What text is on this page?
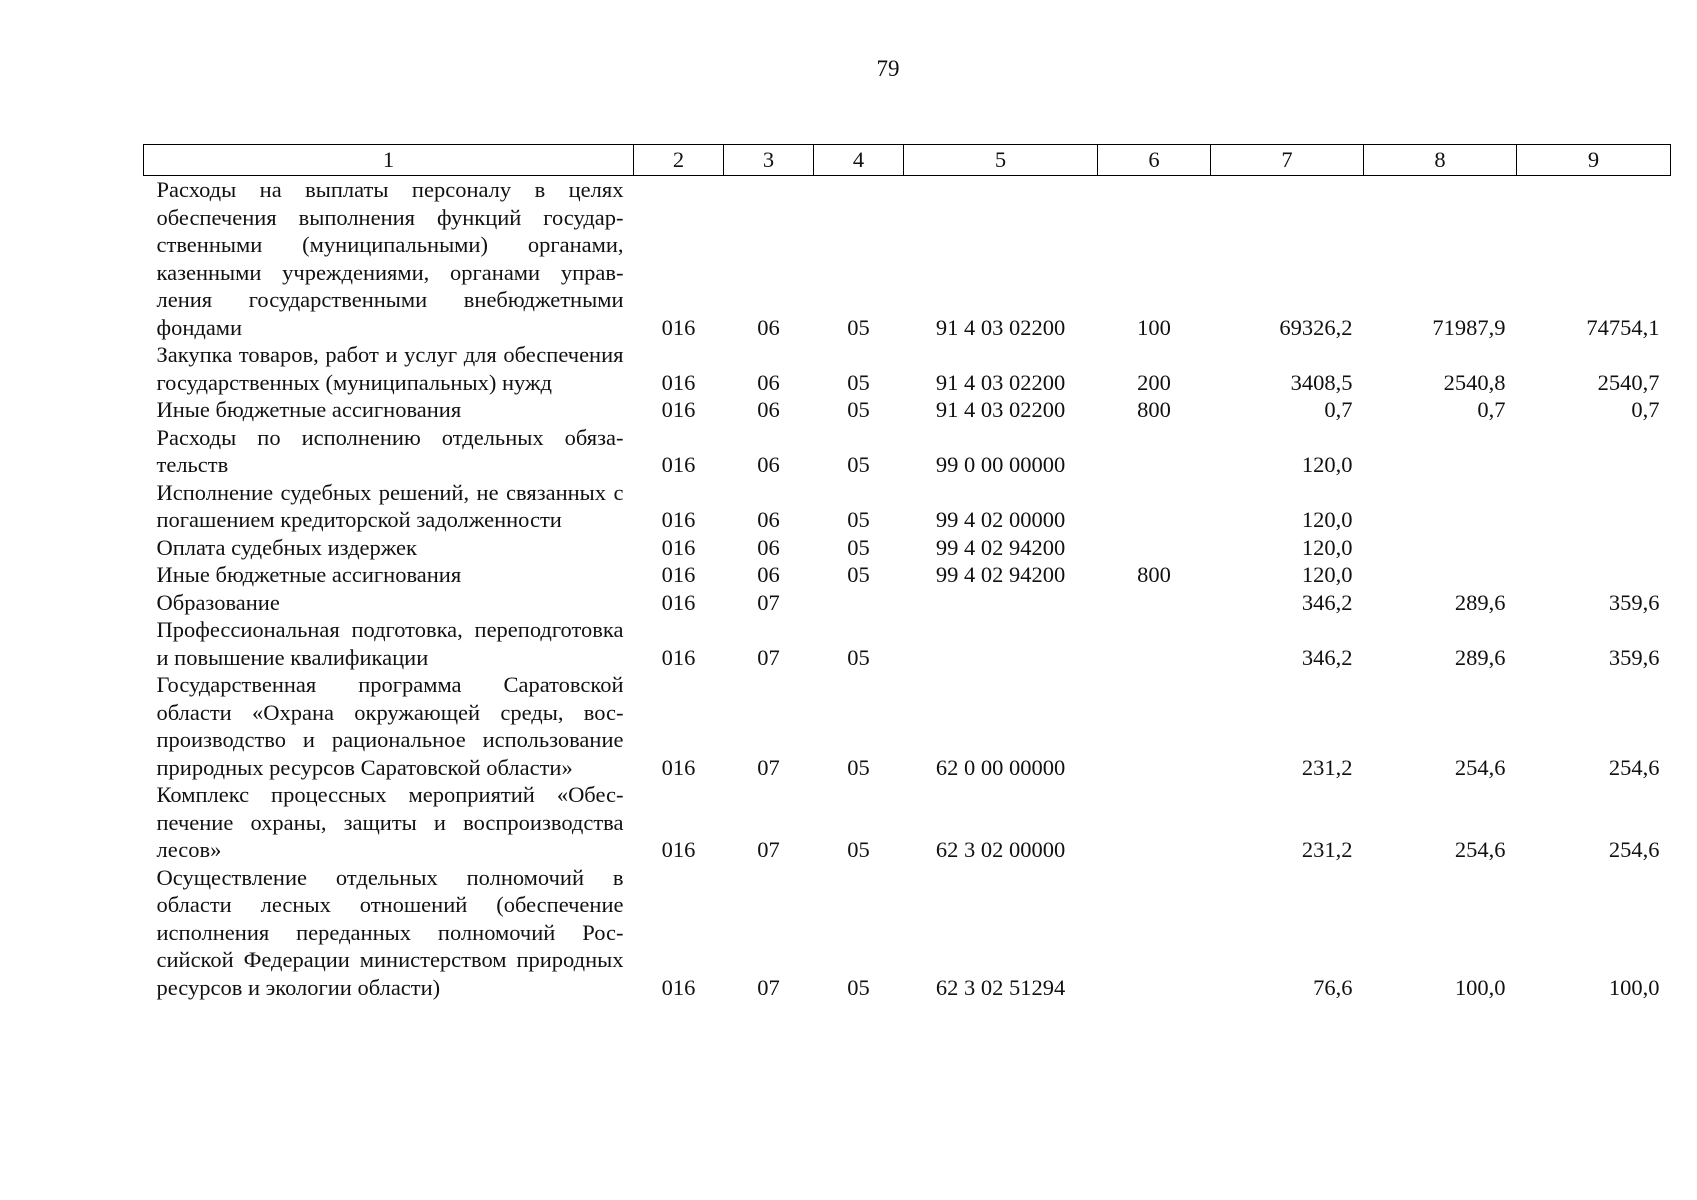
79
1	2	3	4	5	6	7	8	9
Расходы на выплаты персоналу в целях обеспечения выполнения функций государственными (муниципальными) органами, казенными учреждениями, органами управления государственными внебюджетными фондами	016	06	05	91 4 03 02200	100	69326,2	71987,9	74754,1
Закупка товаров, работ и услуг для обеспечения государственных (муниципальных) нужд	016	06	05	91 4 03 02200	200	3408,5	2540,8	2540,7
Иные бюджетные ассигнования	016	06	05	91 4 03 02200	800	0,7	0,7	0,7
Расходы по исполнению отдельных обязательств	016	06	05	99 0 00 00000		120,0		
Исполнение судебных решений, не связанных с погашением кредиторской задолженности	016	06	05	99 4 02 00000		120,0		
Оплата судебных издержек	016	06	05	99 4 02 94200		120,0		
Иные бюджетные ассигнования	016	06	05	99 4 02 94200	800	120,0		
Образование	016	07				346,2	289,6	359,6
Профессиональная подготовка, переподготовка и повышение квалификации	016	07	05			346,2	289,6	359,6
Государственная программа Саратовской области «Охрана окружающей среды, воспроизводство и рациональное использование природных ресурсов Саратовской области»	016	07	05	62 0 00 00000		231,2	254,6	254,6
Комплекс процессных мероприятий «Обеспечение охраны, защиты и воспроизводства лесов»	016	07	05	62 3 02 00000		231,2	254,6	254,6
Осуществление отдельных полномочий в области лесных отношений (обеспечение исполнения переданных полномочий Российской Федерации министерством природных ресурсов и экологии области)	016	07	05	62 3 02 51294		76,6	100,0	100,0
